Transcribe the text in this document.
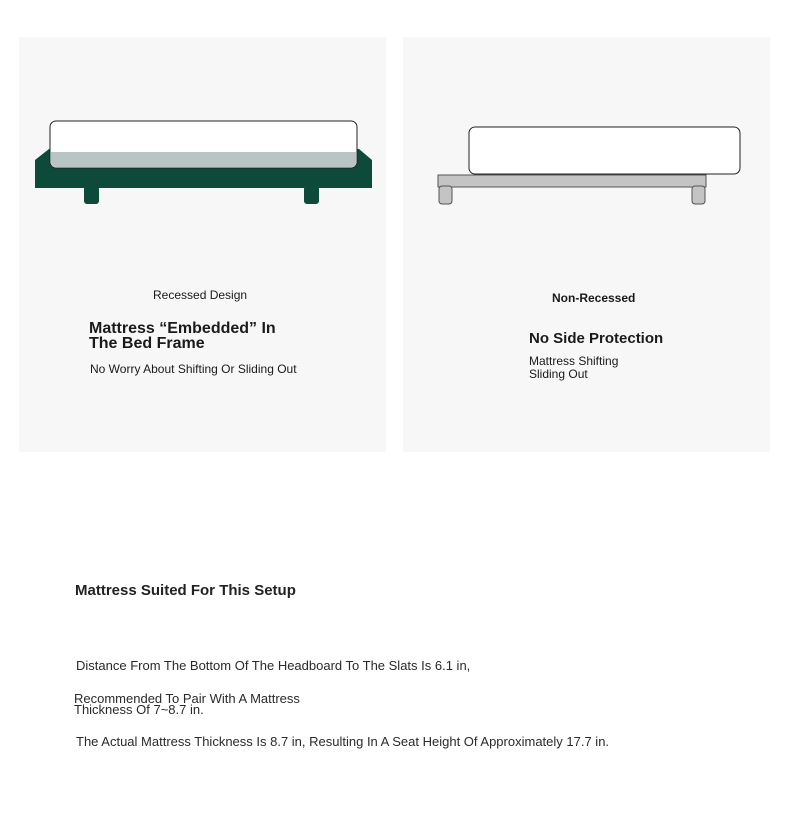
Recessed Design

Mattress “Embedded” In The Bed Frame

No Worry About Shifting Or Sliding Out

Non-Recessed

No Side Protection

Mattress Shifting Sliding Out

Mattress Suited For This Setup

Distance From The Bottom Of The Headboard To The Slats Is 6.1 in,

Recommended To Pair With A Mattress Thickness Of 7~8.7 in.

The Actual Mattress Thickness Is 8.7 in, Resulting In A Seat Height Of Approximately 17.7 in.
